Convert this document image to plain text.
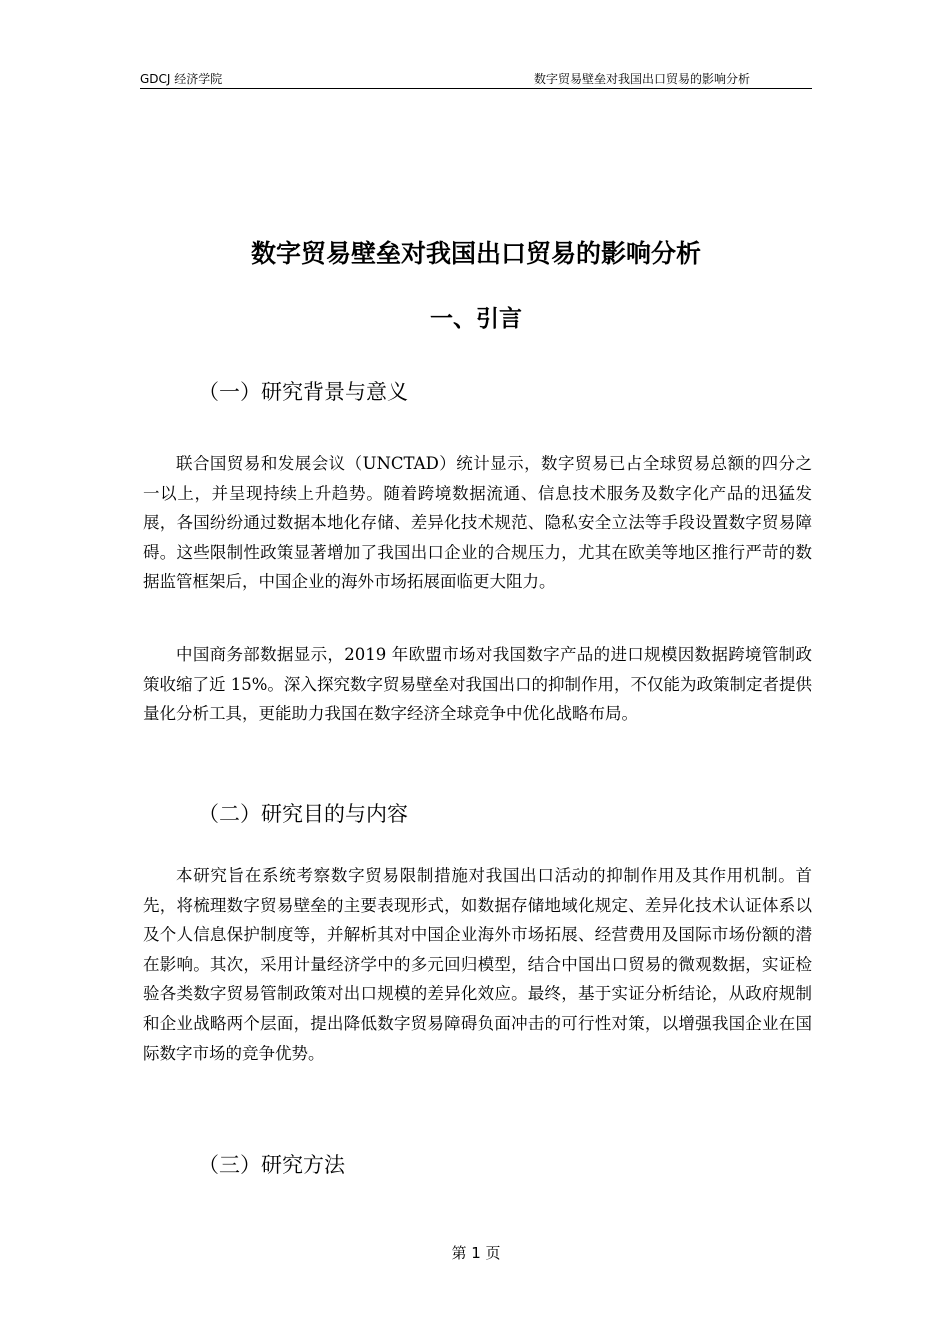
GDCJ 经济学院	数字贸易壁垒对我国出口贸易的影响分析
数字贸易壁垒对我国出口贸易的影响分析
一、引言
（一）研究背景与意义

联合国贸易和发展会议（UNCTAD）统计显示，数字贸易已占全球贸易总额的四分之一以上，并呈现持续上升趋势。随着跨境数据流通、信息技术服务及数字化产品的迅猛发展，各国纷纷通过数据本地化存储、差异化技术规范、隐私安全立法等手段设置数字贸易障碍。这些限制性政策显著增加了我国出口企业的合规压力，尤其在欧美等地区推行严苛的数据监管框架后，中国企业的海外市场拓展面临更大阻力。

中国商务部数据显示，2019 年欧盟市场对我国数字产品的进口规模因数据跨境管制政策收缩了近 15%。深入探究数字贸易壁垒对我国出口的抑制作用，不仅能为政策制定者提供量化分析工具，更能助力我国在数字经济全球竞争中优化战略布局。

（二）研究目的与内容

本研究旨在系统考察数字贸易限制措施对我国出口活动的抑制作用及其作用机制。首先，将梳理数字贸易壁垒的主要表现形式，如数据存储地域化规定、差异化技术认证体系以及个人信息保护制度等，并解析其对中国企业海外市场拓展、经营费用及国际市场份额的潜在影响。其次，采用计量经济学中的多元回归模型，结合中国出口贸易的微观数据，实证检验各类数字贸易管制政策对出口规模的差异化效应。最终，基于实证分析结论，从政府规制和企业战略两个层面，提出降低数字贸易障碍负面冲击的可行性对策，以增强我国企业在国际数字市场的竞争优势。

（三）研究方法
第 1 页
